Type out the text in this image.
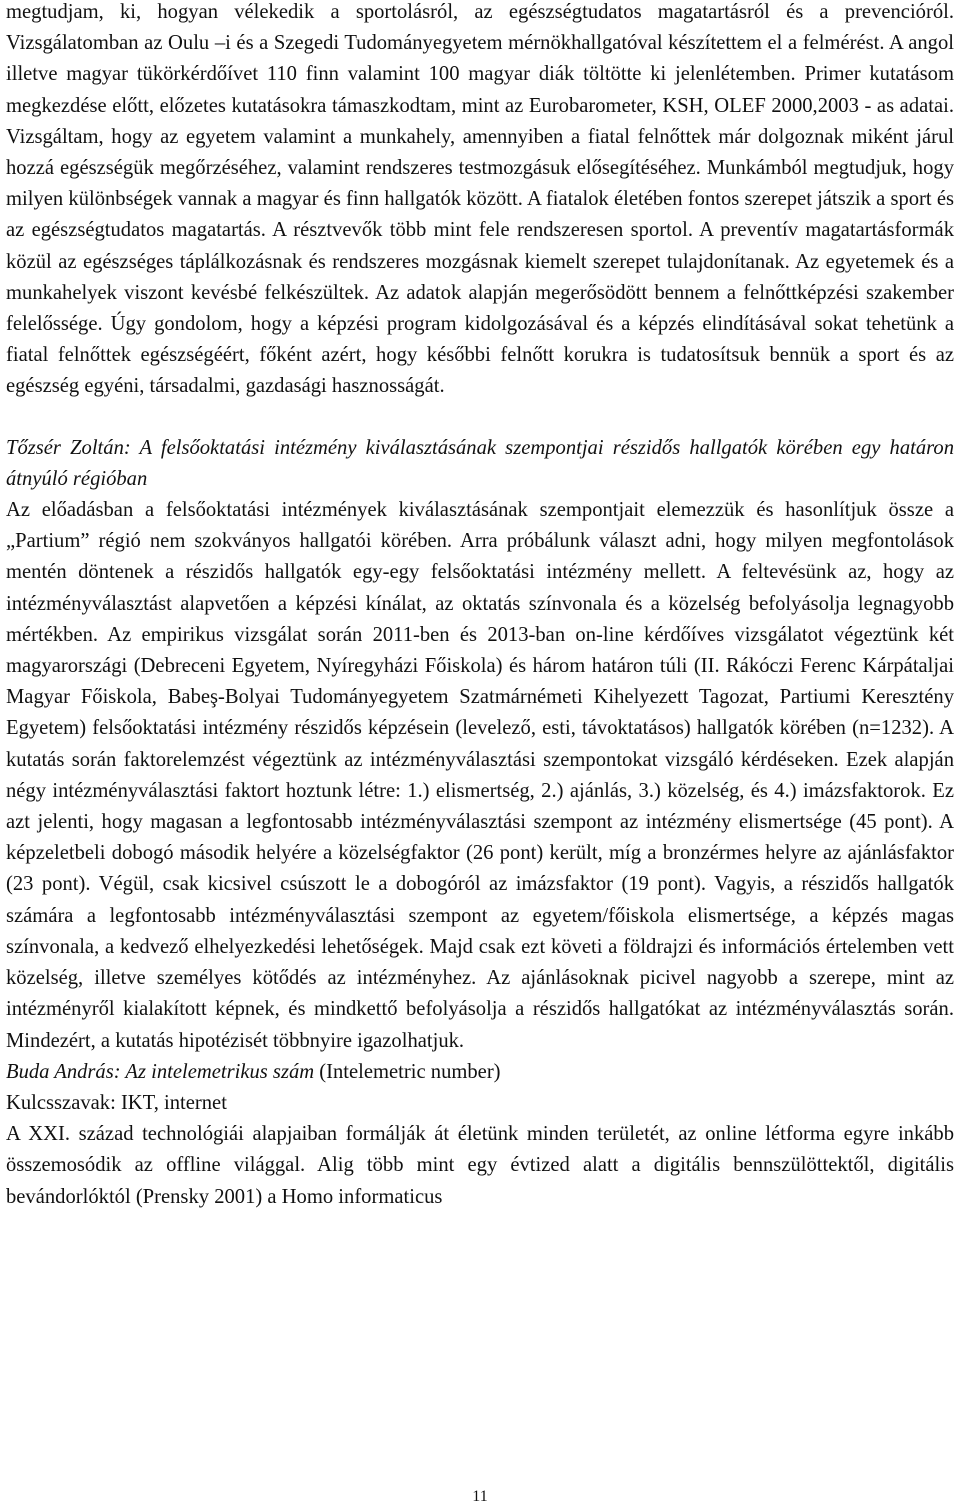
megtudjam, ki, hogyan vélekedik a sportolásról, az egészségtudatos magatartásról és a prevencióról. Vizsgálatomban az Oulu –i és a Szegedi Tudományegyetem mérnökhallgatóval készítettem el a felmérést. A angol illetve magyar tükörkérdőívet 110 finn valamint 100 magyar diák töltötte ki jelenlétemben. Primer kutatásom megkezdése előtt, előzetes kutatásokra támaszkodtam, mint az Eurobarometer, KSH, OLEF 2000,2003 - as adatai. Vizsgáltam, hogy az egyetem valamint a munkahely, amennyiben a fiatal felnőttek már dolgoznak miként járul hozzá egészségük megőrzéséhez, valamint rendszeres testmozgásuk elősegítéséhez. Munkámból megtudjuk, hogy milyen különbségek vannak a magyar és finn hallgatók között. A fiatalok életében fontos szerepet játszik a sport és az egészségtudatos magatartás. A résztvevők több mint fele rendszeresen sportol. A preventív magatartásformák közül az egészséges táplálkozásnak és rendszeres mozgásnak kiemelt szerepet tulajdonítanak. Az egyetemek és a munkahelyek viszont kevésbé felkészültek. Az adatok alapján megerősödött bennem a felnőttképzési szakember felelőssége. Úgy gondolom, hogy a képzési program kidolgozásával és a képzés elindításával sokat tehetünk a fiatal felnőttek egészségéért, főként azért, hogy későbbi felnőtt korukra is tudatosítsuk bennük a sport és az egészség egyéni, társadalmi, gazdasági hasznosságát.

Tőzsér Zoltán: A felsőoktatási intézmény kiválasztásának szempontjai részidős hallgatók körében egy határon átnyúló régióban

Az előadásban a felsőoktatási intézmények kiválasztásának szempontjait elemezzük és hasonlítjuk össze a „Partium” régió nem szokványos hallgatói körében. Arra próbálunk választ adni, hogy milyen megfontolások mentén döntenek a részidős hallgatók egy-egy felsőoktatási intézmény mellett. A feltevésünk az, hogy az intézményválasztást alapvetően a képzési kínálat, az oktatás színvonala és a közelség befolyásolja legnagyobb mértékben. Az empirikus vizsgálat során 2011-ben és 2013-ban on-line kérdőíves vizsgálatot végeztünk két magyarországi (Debreceni Egyetem, Nyíregyházi Főiskola) és három határon túli (II. Rákóczi Ferenc Kárpátaljai Magyar Főiskola, Babeş-Bolyai Tudományegyetem Szatmárnémeti Kihelyezett Tagozat, Partiumi Keresztény Egyetem) felsőoktatási intézmény részidős képzésein (levelező, esti, távoktatásos) hallgatók körében (n=1232). A kutatás során faktorelemzést végeztünk az intézményválasztási szempontokat vizsgáló kérdéseken. Ezek alapján négy intézményválasztási faktort hoztunk létre: 1.) elismertség, 2.) ajánlás, 3.) közelség, és 4.) imázsfaktorok. Ez azt jelenti, hogy magasan a legfontosabb intézményválasztási szempont az intézmény elismertsége (45 pont). A képzeletbeli dobogó második helyére a közelségfaktor (26 pont) került, míg a bronzérmes helyre az ajánlásfaktor (23 pont). Végül, csak kicsivel csúszott le a dobogóról az imázsfaktor (19 pont). Vagyis, a részidős hallgatók számára a legfontosabb intézményválasztási szempont az egyetem/főiskola elismertsége, a képzés magas színvonala, a kedvező elhelyezkedési lehetőségek. Majd csak ezt követi a földrajzi és információs értelemben vett közelség, illetve személyes kötődés az intézményhez. Az ajánlásoknak picivel nagyobb a szerepe, mint az intézményről kialakított képnek, és mindkettő befolyásolja a részidős hallgatókat az intézményválasztás során. Mindezért, a kutatás hipotézisét többnyire igazolhatjuk.

Buda András: Az intelemetrikus szám (Intelemetric number)

Kulcsszavak: IKT, internet

A XXI. század technológiái alapjaiban formálják át életünk minden területét, az online létforma egyre inkább összemosódik az offline világgal. Alig több mint egy évtized alatt a digitális bennszülöttektől, digitális bevándorlóktól (Prensky 2001) a Homo informaticus

11
